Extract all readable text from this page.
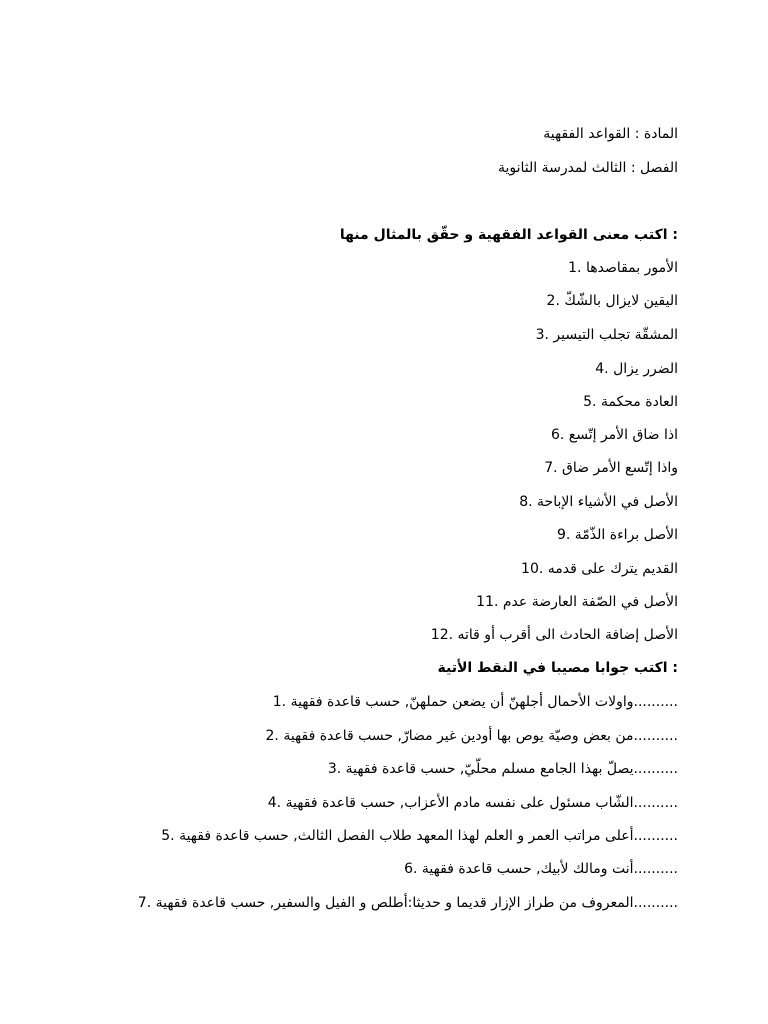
المادة : القواعد الفقهية
الفصل : الثالث لمدرسة الثانوية
اكتب معنى القواعد الفقهية و حقّق بالمثال منها :
1. الأمور بمقاصدها
2. اليقين لايزال بالشّكّ
3. المشقّة تجلب التيسير
4. الضرر يزال
5. العادة محكمة
6. اذا ضاق الأمر إتّسع
7. واذا إتّسع الأمر ضاق
8. الأصل في الأشياء الإباحة
9. الأصل براءة الذّمّة
10. القديم يترك على قدمه
11. الأصل في الصّفة العارضة عدم
12. الأصل إضافة الحادث الى أقرب أو قاته
اكتب جوابا مصيبا في النقط الأتية :
1. ..........واولات الأحمال أجلهنّ أن يضعن حملهنّ, حسب قاعدة فقهية
2. ..........من بعض وصيّة يوص بها أودين غير مضارّ, حسب قاعدة فقهية
3. ..........يصلّ بهذا الجامع مسلم محلّيّ, حسب قاعدة فقهية
4. ..........الشّاب مسئول على نفسه مادم الأعزاب, حسب قاعدة فقهية
5. ..........أعلى مراتب العمر و العلم لهذا المعهد طلاب الفصل الثالث, حسب قاعدة فقهية
6. ..........أنت ومالك لأبيك, حسب قاعدة فقهية
7. ..........المعروف من طراز الإزار قديما و حديثا:أطلص و الفيل والسفير, حسب قاعدة فقهية
